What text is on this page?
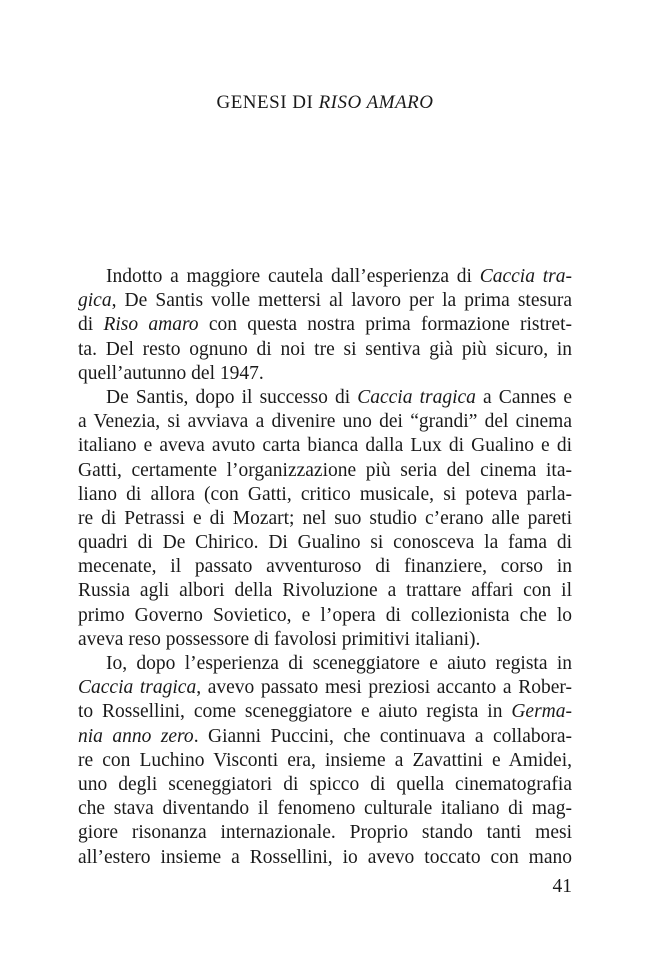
GENESI DI RISO AMARO
Indotto a maggiore cautela dall’esperienza di Caccia tra-
gica, De Santis volle mettersi al lavoro per la prima stesura
di Riso amaro con questa nostra prima formazione ristret-
ta. Del resto ognuno di noi tre si sentiva già più sicuro, in
quell’autunno del 1947.
De Santis, dopo il successo di Caccia tragica a Cannes e
a Venezia, si avviava a divenire uno dei “grandi” del cinema
italiano e aveva avuto carta bianca dalla Lux di Gualino e di
Gatti, certamente l’organizzazione più seria del cinema ita-
liano di allora (con Gatti, critico musicale, si poteva parla-
re di Petrassi e di Mozart; nel suo studio c’erano alle pareti
quadri di De Chirico. Di Gualino si conosceva la fama di
mecenate, il passato avventuroso di finanziere, corso in
Russia agli albori della Rivoluzione a trattare affari con il
primo Governo Sovietico, e l’opera di collezionista che lo
aveva reso possessore di favolosi primitivi italiani).
Io, dopo l’esperienza di sceneggiatore e aiuto regista in
Caccia tragica, avevo passato mesi preziosi accanto a Rober-
to Rossellini, come sceneggiatore e aiuto regista in Germa-
nia anno zero. Gianni Puccini, che continuava a collabora-
re con Luchino Visconti era, insieme a Zavattini e Amidei,
uno degli sceneggiatori di spicco di quella cinematografia
che stava diventando il fenomeno culturale italiano di mag-
giore risonanza internazionale. Proprio stando tanti mesi
all’estero insieme a Rossellini, io avevo toccato con mano
41
